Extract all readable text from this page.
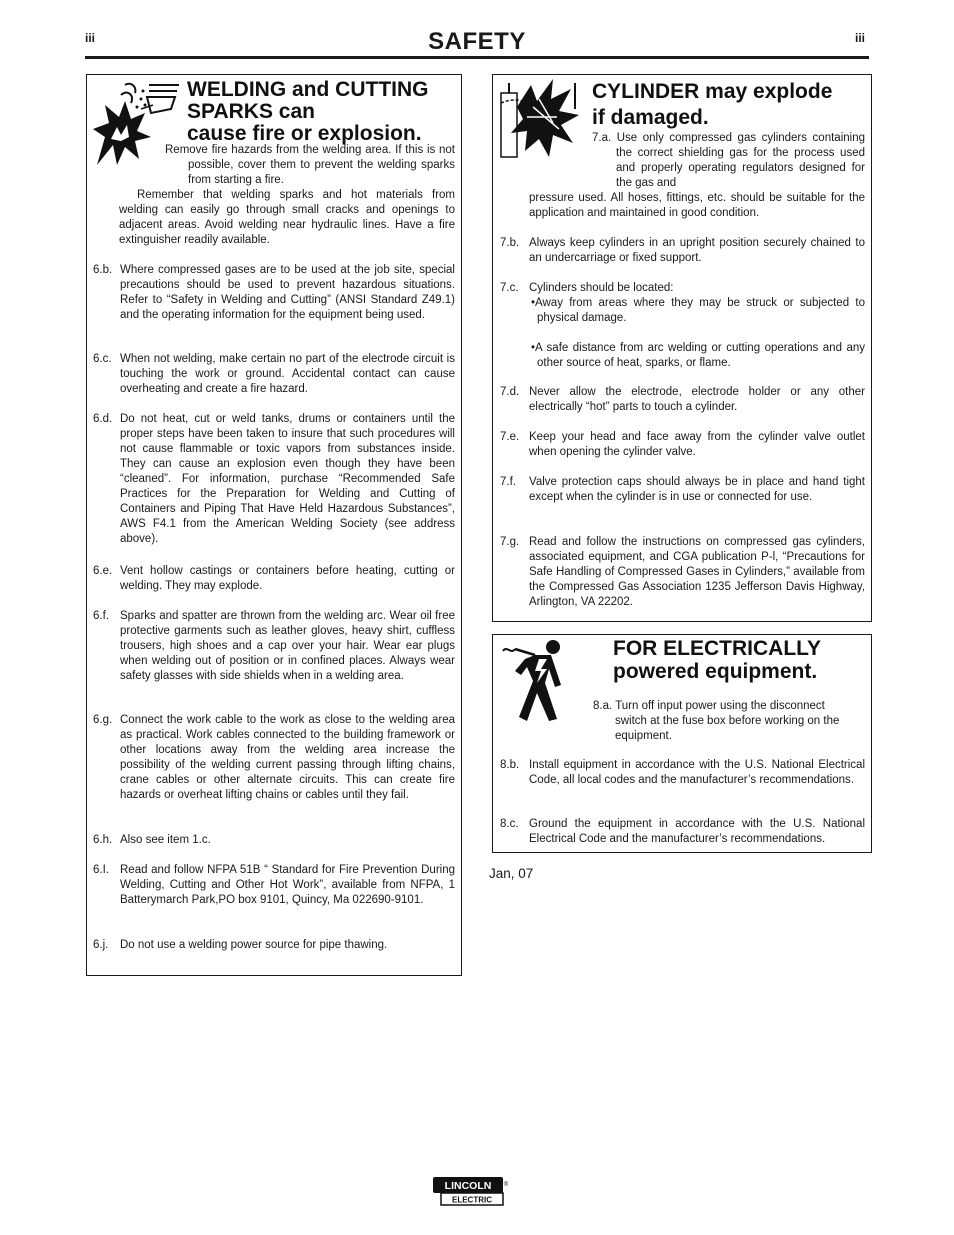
iii	iii
SAFETY
WELDING and CUTTING
SPARKS can
cause fire or explosion.
Remove fire hazards from the welding area. If this is not possible, cover them to prevent the welding sparks from starting a fire.
Remember that welding sparks and hot materials from welding can easily go through small cracks and openings to adjacent areas. Avoid welding near hydraulic lines. Have a fire extinguisher readily available.
6.b. Where compressed gases are to be used at the job site, special precautions should be used to prevent hazardous situations. Refer to “Safety in Welding and Cutting” (ANSI Standard Z49.1) and the operating information for the equipment being used.
6.c. When not welding, make certain no part of the electrode circuit is touching the work or ground. Accidental contact can cause overheating and create a fire hazard.
6.d. Do not heat, cut or weld tanks, drums or containers until the proper steps have been taken to insure that such procedures will not cause flammable or toxic vapors from substances inside. They can cause an explosion even though they have been “cleaned”. For information, purchase “Recommended Safe Practices for the Preparation for Welding and Cutting of Containers and Piping That Have Held Hazardous Substances”, AWS F4.1 from the American Welding Society (see address above).
6.e. Vent hollow castings or containers before heating, cutting or welding. They may explode.
6.f. Sparks and spatter are thrown from the welding arc. Wear oil free protective garments such as leather gloves, heavy shirt, cuffless trousers, high shoes and a cap over your hair. Wear ear plugs when welding out of position or in confined places. Always wear safety glasses with side shields when in a welding area.
6.g. Connect the work cable to the work as close to the welding area as practical. Work cables connected to the building framework or other locations away from the welding area increase the possibility of the welding current passing through lifting chains, crane cables or other alternate circuits. This can create fire hazards or overheat lifting chains or cables until they fail.
6.h. Also see item 1.c.
6.I. Read and follow NFPA 51B “ Standard for Fire Prevention During Welding, Cutting and Other Hot Work”, available from NFPA, 1 Batterymarch Park,PO box 9101, Quincy, Ma 022690-9101.
6.j.	Do not use a welding power source for pipe thawing.
CYLINDER may explode
if damaged.
7.a. Use only compressed gas cylinders containing the correct shielding gas for the process used and properly operating regulators designed for the gas and
pressure used. All hoses, fittings, etc. should be suitable for the application and maintained in good condition.
7.b. Always keep cylinders in an upright position securely chained to an undercarriage or fixed support.
7.c. Cylinders should be located:
•Away from areas where they may be struck or subjected to physical damage.
•A safe distance from arc welding or cutting operations and any other source of heat, sparks, or flame.
7.d. Never allow the electrode, electrode holder or any other electrically “hot” parts to touch a cylinder.
7.e. Keep your head and face away from the cylinder valve outlet when opening the cylinder valve.
7.f.	Valve protection caps should always be in place and hand tight except when the cylinder is in use or connected for use.
7.g. Read and follow the instructions on compressed gas cylinders, associated equipment, and CGA publication P-l, “Precautions for Safe Handling of Compressed Gases in Cylinders,” available from the Compressed Gas Association 1235 Jefferson Davis Highway, Arlington, VA 22202.
FOR ELECTRICALLY
powered equipment.
8.a. Turn off input power using the disconnect switch at the fuse box before working on the equipment.
8.b. Install equipment in accordance with the U.S. National Electrical Code, all local codes and the manufacturer’s recommendations.
8.c. Ground the equipment in accordance with the U.S. National Electrical Code and the manufacturer’s recommendations.
Jan, 07
LINCOLN
ELECTRIC
®
